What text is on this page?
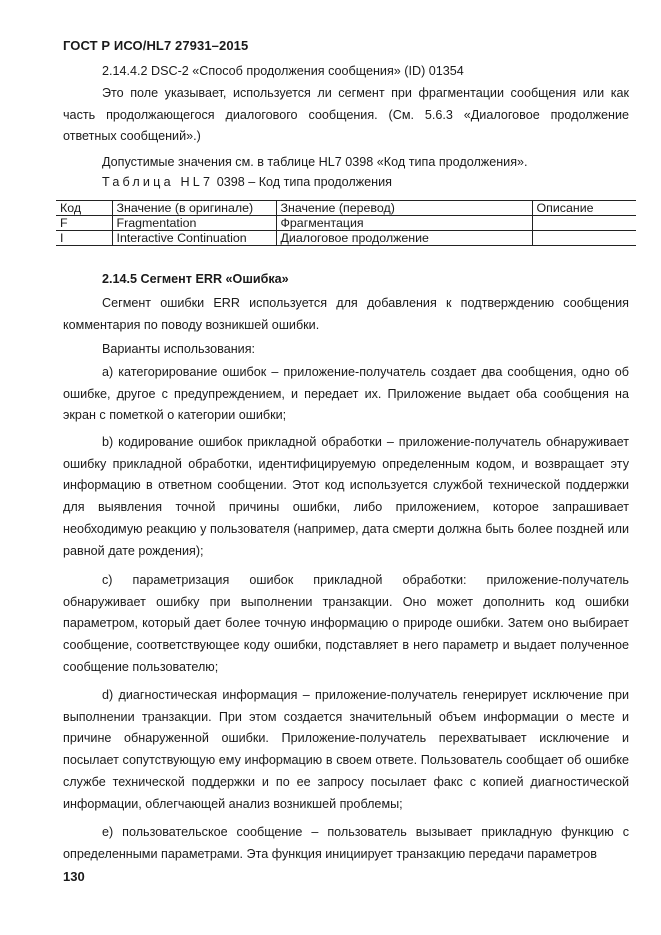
ГОСТ Р ИСО/HL7 27931–2015
2.14.4.2 DSC-2 «Способ продолжения сообщения» (ID) 01354
Это поле указывает, используется ли сегмент при фрагментации сообщения или как часть продолжающегося диалогового сообщения. (См. 5.6.3 «Диалоговое продолжение ответных сообщений».)
Допустимые значения см. в таблице HL7 0398 «Код типа продолжения».
Таблица HL7 0398 – Код типа продолжения
Код	Значение (в оригинале)	Значение (перевод)	Описание
F	Fragmentation	Фрагментация	
I	Interactive Continuation	Диалоговое продолжение	
2.14.5 Сегмент ERR «Ошибка»
Сегмент ошибки ERR используется для добавления к подтверждению сообщения комментария по поводу возникшей ошибки.
Варианты использования:
a) категорирование ошибок – приложение-получатель создает два сообщения, одно об ошибке, другое с предупреждением, и передает их. Приложение выдает оба сообщения на экран с пометкой о категории ошибки;
b) кодирование ошибок прикладной обработки – приложение-получатель обнаруживает ошибку прикладной обработки, идентифицируемую определенным кодом, и возвращает эту информацию в ответном сообщении. Этот код используется службой технической поддержки для выявления точной причины ошибки, либо приложением, которое запрашивает необходимую реакцию у пользователя (например, дата смерти должна быть более поздней или равной дате рождения);
c) параметризация ошибок прикладной обработки: приложение-получатель обнаруживает ошибку при выполнении транзакции. Оно может дополнить код ошибки параметром, который дает более точную информацию о природе ошибки. Затем оно выбирает сообщение, соответствующее коду ошибки, подставляет в него параметр и выдает полученное сообщение пользователю;
d) диагностическая информация – приложение-получатель генерирует исключение при выполнении транзакции. При этом создается значительный объем информации о месте и причине обнаруженной ошибки. Приложение-получатель перехватывает исключение и посылает сопутствующую ему информацию в своем ответе. Пользователь сообщает об ошибке службе технической поддержки и по ее запросу посылает факс с копией диагностической информации, облегчающей анализ возникшей проблемы;
e) пользовательское сообщение – пользователь вызывает прикладную функцию с определенными параметрами. Эта функция инициирует транзакцию передачи параметров
130
